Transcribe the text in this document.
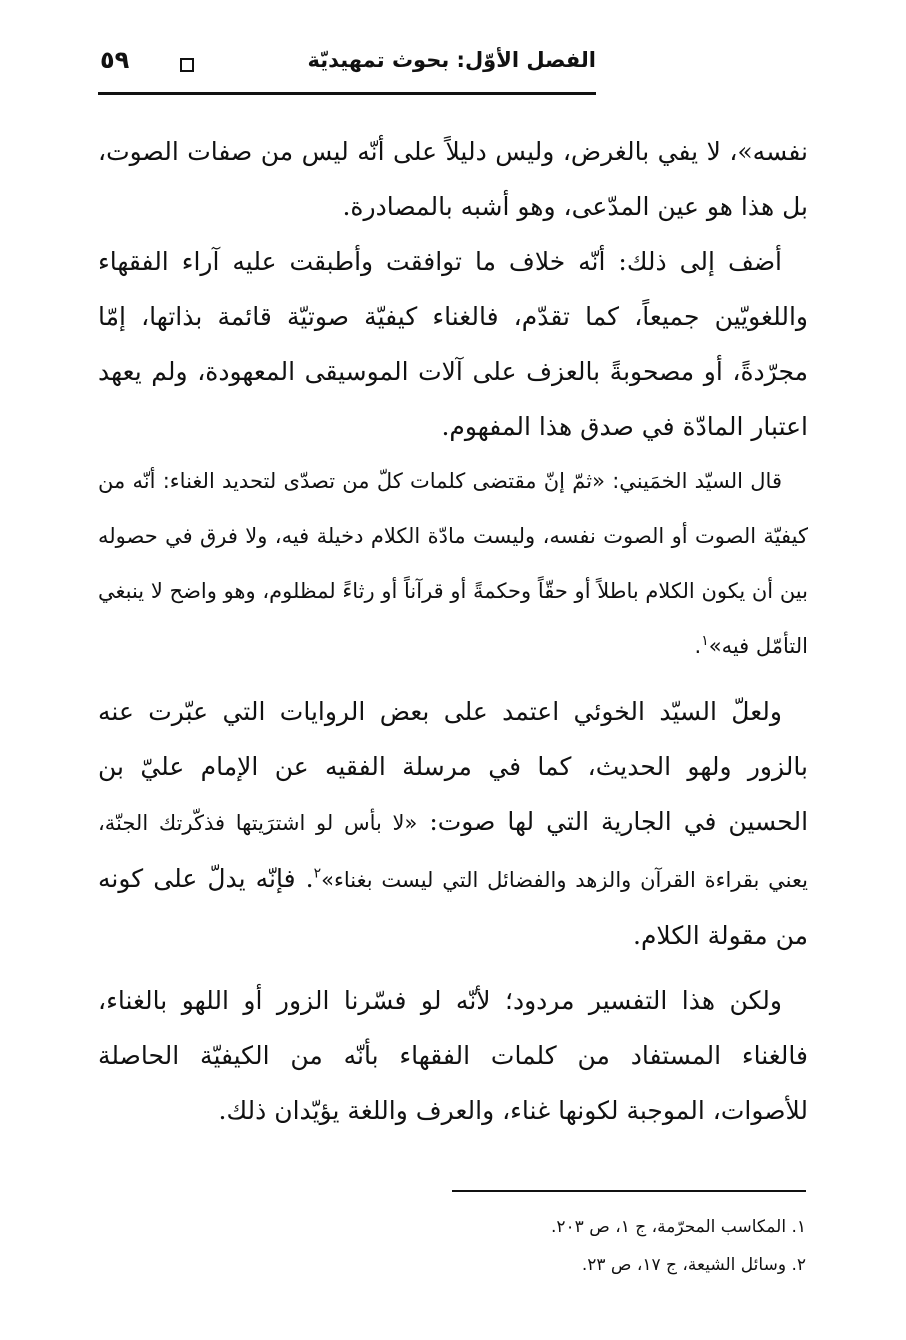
الفصل الأوّل: بحوث تمهيديّة
٥٩

نفسه»، لا يفي بالغرض، وليس دليلاً على أنّه ليس من صفات الصوت، بل هذا هو عين المدّعى، وهو أشبه بالمصادرة.

أضف إلى ذلك: أنّه خلاف ما توافقت وأطبقت عليه آراء الفقهاء واللغويّين جميعاً، كما تقدّم، فالغناء كيفيّة صوتيّة قائمة بذاتها، إمّا مجرّدةً، أو مصحوبةً بالعزف على آلات الموسيقى المعهودة، ولم يعهد اعتبار المادّة في صدق هذا المفهوم.

قال السيّد الخمَيني: «ثمّ إنّ مقتضى كلمات كلّ من تصدّى لتحديد الغناء: أنّه من كيفيّة الصوت أو الصوت نفسه، وليست مادّة الكلام دخيلة فيه، ولا فرق في حصوله بين أن يكون الكلام باطلاً أو حقّاً وحكمةً أو قرآناً أو رثاءً لمظلوم، وهو واضح لا ينبغي التأمّل فيه»$^١$.

ولعلّ السيّد الخوئي اعتمد على بعض الروايات التي عبّرت عنه بالزور ولهو الحديث، كما في مرسلة الفقيه عن الإمام عليّ بن الحسين في الجارية التي لها صوت: «لا بأس لو اشترَيتها فذكّرتك الجنّة، يعني بقراءة القرآن والزهد والفضائل التي ليست بغناء»$^٢$. فإنّه يدلّ على كونه من مقولة الكلام.

ولكن هذا التفسير مردود؛ لأنّه لو فسّرنا الزور أو اللهو بالغناء، فالغناء المستفاد من كلمات الفقهاء بأنّه من الكيفيّة الحاصلة للأصوات، الموجبة لكونها غناء، والعرف واللغة يؤيّدان ذلك.

١. المكاسب المحرّمة، ج ١، ص ٢٠٣.
٢. وسائل الشيعة، ج ١٧، ص ٢٣.
